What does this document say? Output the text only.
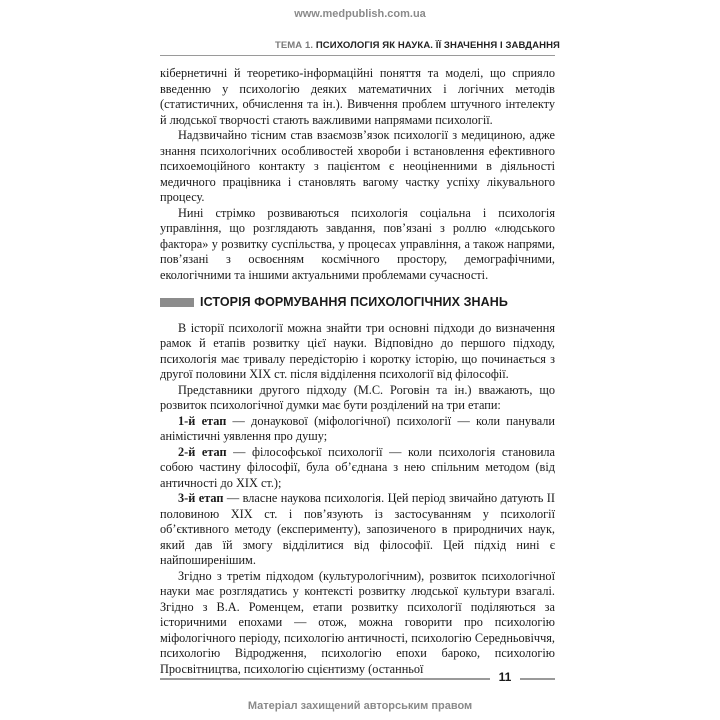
www.medpublish.com.ua
ТЕМА 1. ПСИХОЛОГІЯ ЯК НАУКА. ЇЇ ЗНАЧЕННЯ І ЗАВДАННЯ

кібернетичні й теоретико-інформаційні поняття та моделі, що сприяло введенню у психологію деяких математичних і логічних методів (статистичних, обчислення та ін.). Вивчення проблем штучного інтелекту й людської творчості стають важливими напрямами психології.

Надзвичайно тісним став взаємозв’язок психології з медициною, адже знання психологічних особливостей хвороби і встановлення ефективного психоемоційного контакту з пацієнтом є неоціненними в діяльності медичного працівника і становлять вагому частку успіху лікувального процесу.

Нині стрімко розвиваються психологія соціальна і психологія управління, що розглядають завдання, пов’язані з роллю «людського фактора» у розвитку суспільства, у процесах управління, а також напрями, пов’язані з освоєнням космічного простору, демографічними, екологічними та іншими актуальними проблемами сучасності.

ІСТОРІЯ ФОРМУВАННЯ ПСИХОЛОГІЧНИХ ЗНАНЬ

В історії психології можна знайти три основні підходи до визначення рамок й етапів розвитку цієї науки. Відповідно до першого підходу, психологія має тривалу передісторію і коротку історію, що починається з другої половини XIX ст. після відділення психології від філософії.

Представники другого підходу (М.С. Роговін та ін.) вважають, що розвиток психологічної думки має бути розділений на три етапи:

1-й етап — донаукової (міфологічної) психології — коли панували анімістичні уявлення про душу;

2-й етап — філософської психології — коли психологія становила собою частину філософії, була об’єднана з нею спільним методом (від античності до XIX ст.);

3-й етап — власне наукова психологія. Цей період звичайно датують ІІ половиною XIX ст. і пов’язують із застосуванням у психології об’єктивного методу (експерименту), запозиченого в природничих наук, який дав їй змогу відділитися від філософії. Цей підхід нині є найпоширенішим.

Згідно з третім підходом (культурологічним), розвиток психологічної науки має розглядатись у контексті розвитку людської культури взагалі. Згідно з В.А. Роменцем, етапи розвитку психології поділяються за історичними епохами — отож, можна говорити про психологію міфологічного періоду, психологію античності, психологію Середньовіччя, психологію Відродження, психологію епохи бароко, психологію Просвітництва, психологію сцієнтизму (останньої

11
Матеріал захищений авторським правом
